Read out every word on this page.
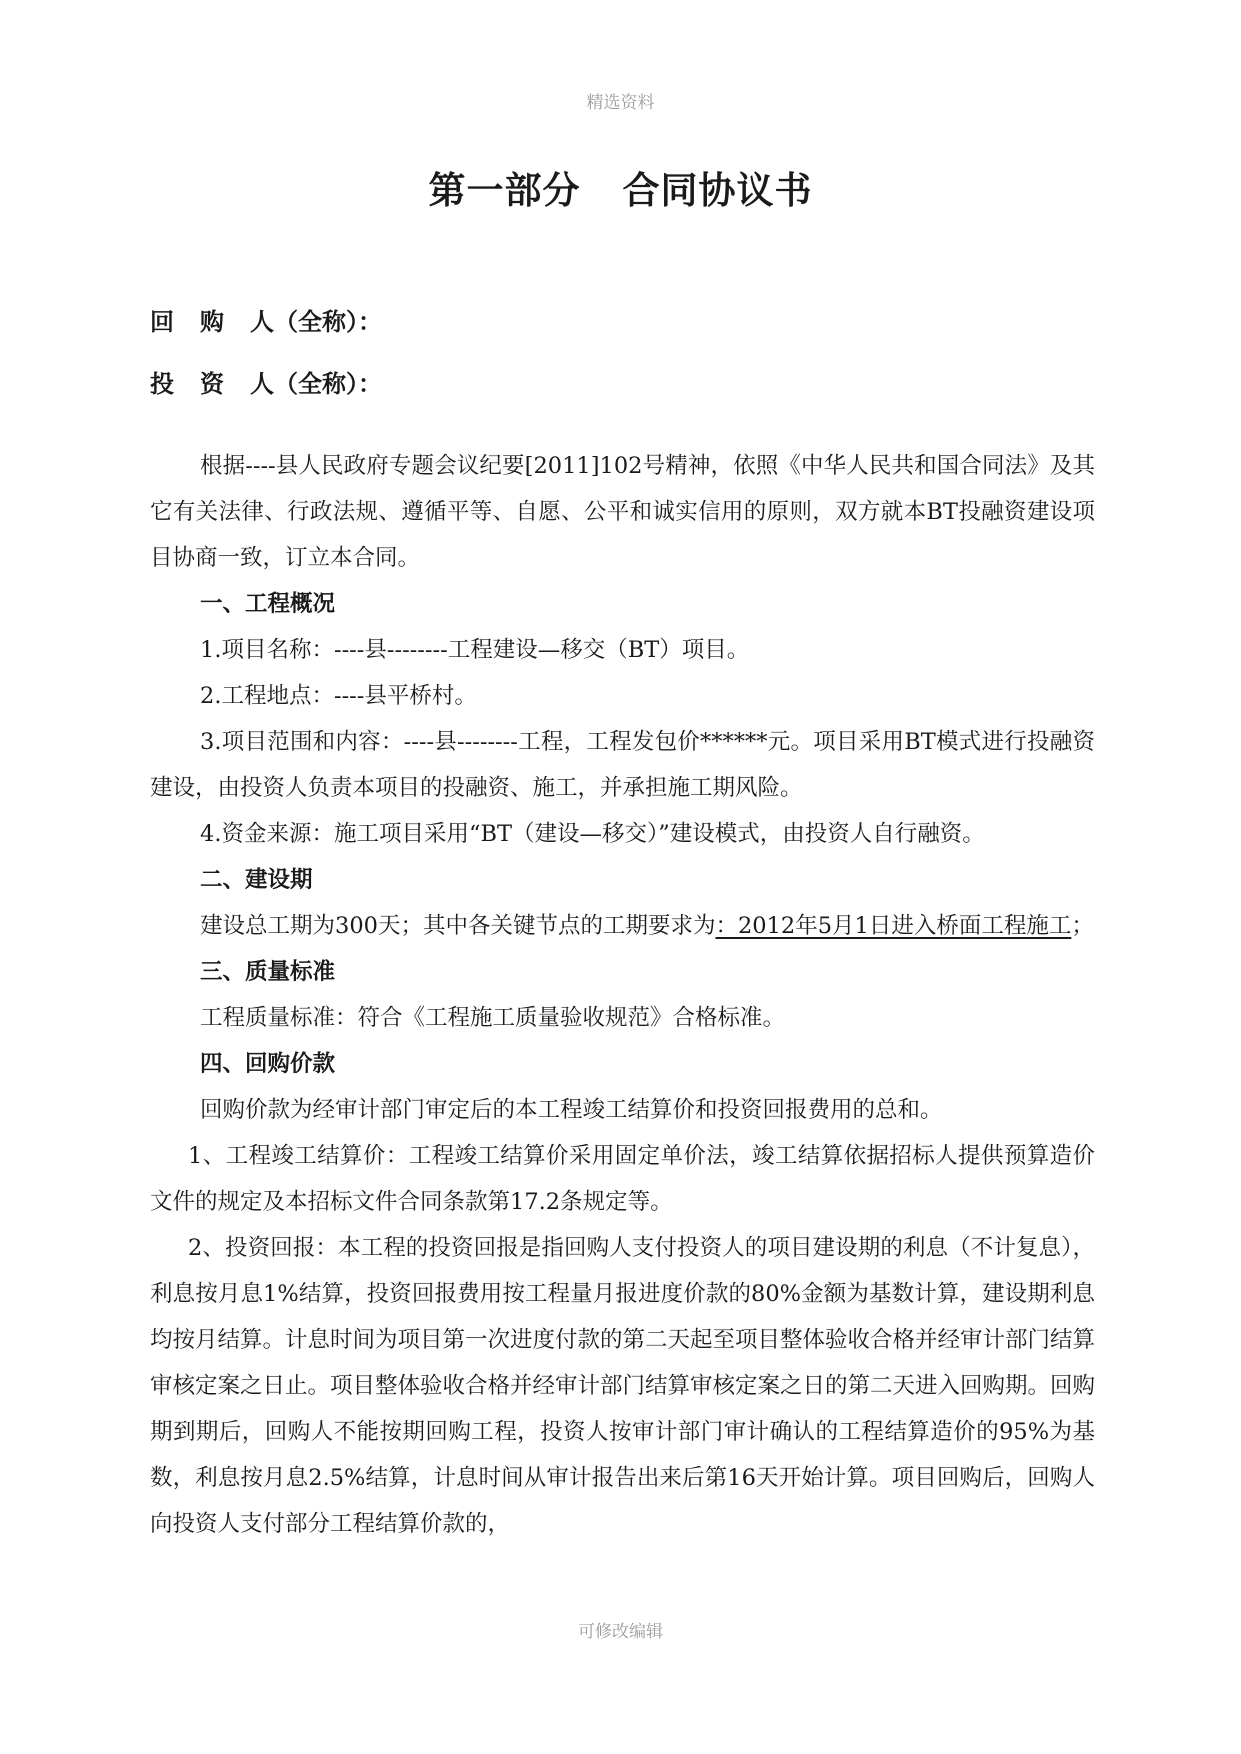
精选资料
第一部分 合同协议书
回 购 人（全称）：
投 资 人（全称）：

根据----县人民政府专题会议纪要[2011]102号精神，依照《中华人民共和国合同法》及其它有关法律、行政法规、遵循平等、自愿、公平和诚实信用的原则，双方就本BT投融资建设项目协商一致，订立本合同。

一、工程概况

1.项目名称：----县--------工程建设—移交（BT）项目。

2.工程地点：----县平桥村。

3.项目范围和内容：----县--------工程，工程发包价******元。项目采用BT模式进行投融资建设，由投资人负责本项目的投融资、施工，并承担施工期风险。

4.资金来源：施工项目采用“BT（建设—移交）”建设模式，由投资人自行融资。

二、建设期

建设总工期为300天；其中各关键节点的工期要求为：2012年5月1日进入桥面工程施工；

三、质量标准

工程质量标准：符合《工程施工质量验收规范》合格标准。

四、回购价款

回购价款为经审计部门审定后的本工程竣工结算价和投资回报费用的总和。

1、工程竣工结算价：工程竣工结算价采用固定单价法，竣工结算依据招标人提供预算造价文件的规定及本招标文件合同条款第17.2条规定等。

2、投资回报：本工程的投资回报是指回购人支付投资人的项目建设期的利息（不计复息），利息按月息1%结算，投资回报费用按工程量月报进度价款的80%金额为基数计算，建设期利息均按月结算。计息时间为项目第一次进度付款的第二天起至项目整体验收合格并经审计部门结算审核定案之日止。项目整体验收合格并经审计部门结算审核定案之日的第二天进入回购期。回购期到期后，回购人不能按期回购工程，投资人按审计部门审计确认的工程结算造价的95%为基数，利息按月息2.5%结算，计息时间从审计报告出来后第16天开始计算。项目回购后，回购人向投资人支付部分工程结算价款的，

可修改编辑
